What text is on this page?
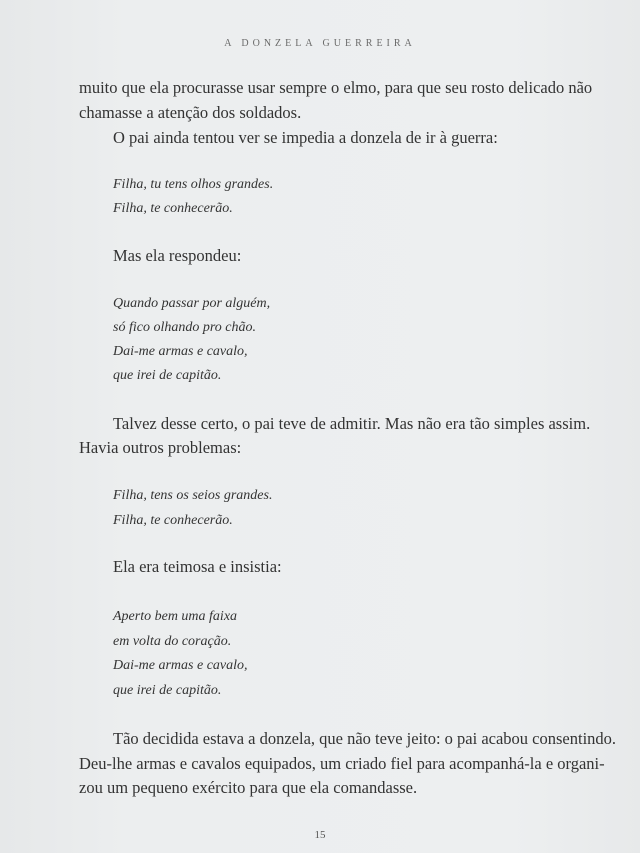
A DONZELA GUERREIRA
muito que ela procurasse usar sempre o elmo, para que seu rosto delicado não
chamasse a atenção dos soldados.
O pai ainda tentou ver se impedia a donzela de ir à guerra:
Filha, tu tens olhos grandes.
Filha, te conhecerão.
Mas ela respondeu:
Quando passar por alguém,
só fico olhando pro chão.
Dai-me armas e cavalo,
que irei de capitão.
Talvez desse certo, o pai teve de admitir. Mas não era tão simples assim.
Havia outros problemas:
Filha, tens os seios grandes.
Filha, te conhecerão.
Ela era teimosa e insistia:
Aperto bem uma faixa
em volta do coração.
Dai-me armas e cavalo,
que irei de capitão.
Tão decidida estava a donzela, que não teve jeito: o pai acabou consentindo.
Deu-lhe armas e cavalos equipados, um criado fiel para acompanhá-la e organi-
zou um pequeno exército para que ela comandasse.
15
